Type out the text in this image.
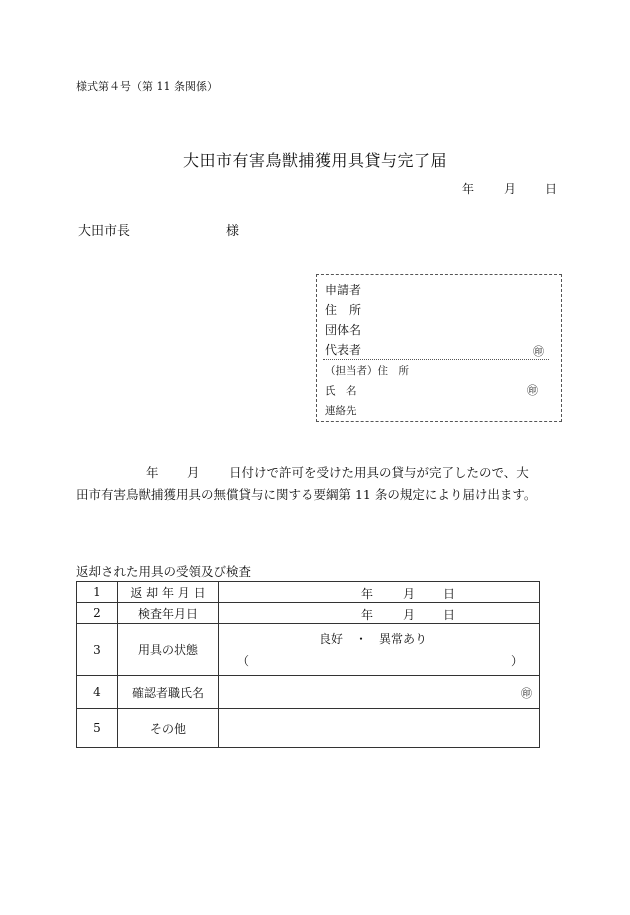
様式第４号（第 11 条関係）
大田市有害鳥獣捕獲用具貸与完了届
年 月 日
大田市長	様
申請者
住　所
団体名
代表者	㊞
（担当者）住　所
氏　名	㊞
連絡先
年 月 日付けで許可を受けた用具の貸与が完了したので、大
田市有害鳥獣捕獲用具の無償貸与に関する要綱第 11 条の規定により届け出ます。
返却された用具の受領及び検査
1	返 却 年 月 日	年 月 日

2	検査年月日	年 月 日

3	用具の状態	良好　・　異常あり
（ ）

4	確認者職氏名	㊞

5	その他	
